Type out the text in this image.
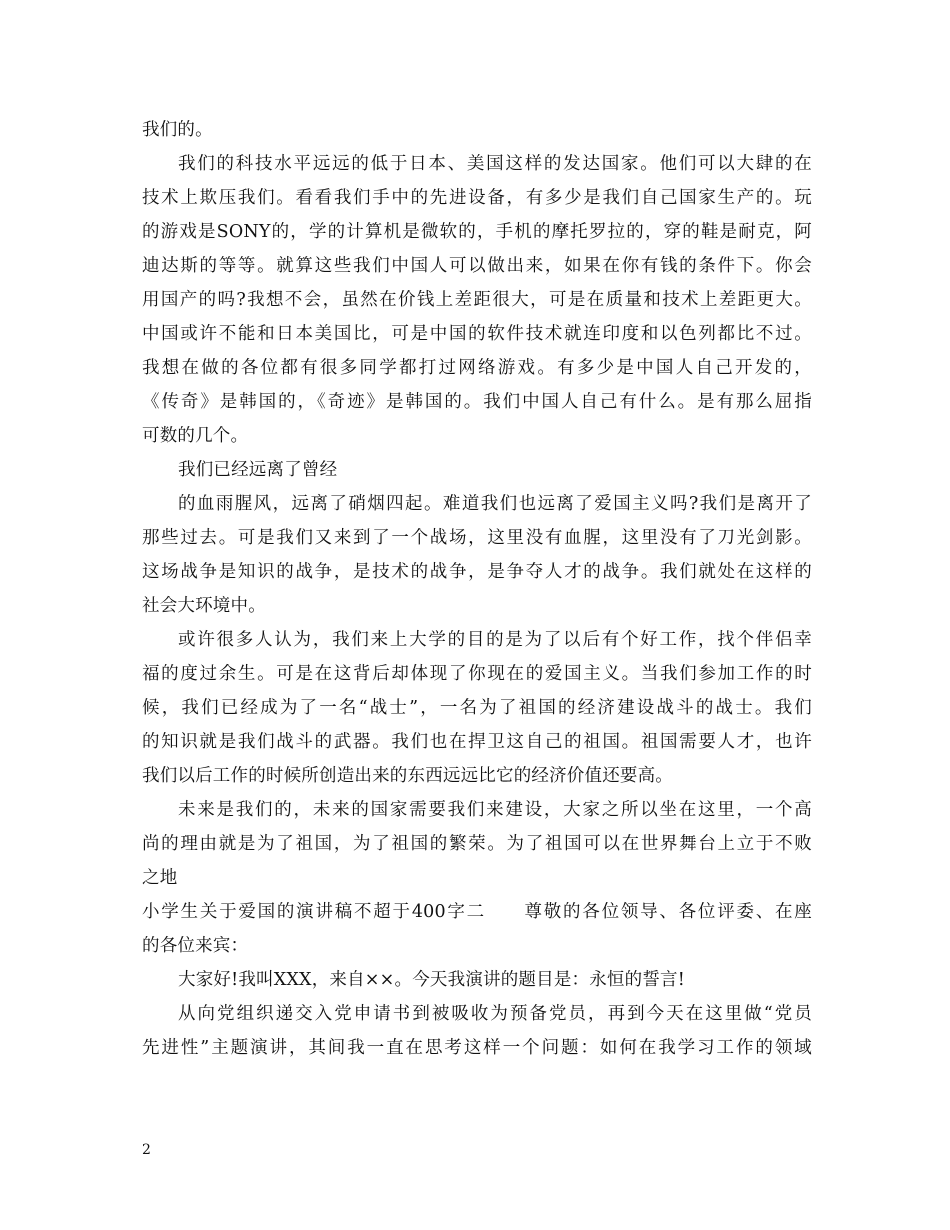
我们的。
我们的科技水平远远的低于日本、美国这样的发达国家。他们可以大肆的在
技术上欺压我们。看看我们手中的先进设备，有多少是我们自己国家生产的。玩
的游戏是SONY的，学的计算机是微软的，手机的摩托罗拉的，穿的鞋是耐克，阿
迪达斯的等等。就算这些我们中国人可以做出来，如果在你有钱的条件下。你会
用国产的吗?我想不会，虽然在价钱上差距很大，可是在质量和技术上差距更大。
中国或许不能和日本美国比，可是中国的软件技术就连印度和以色列都比不过。
我想在做的各位都有很多同学都打过网络游戏。有多少是中国人自己开发的，
《传奇》是韩国的，《奇迹》是韩国的。我们中国人自己有什么。是有那么屈指
可数的几个。
我们已经远离了曾经
的血雨腥风，远离了硝烟四起。难道我们也远离了爱国主义吗?我们是离开了
那些过去。可是我们又来到了一个战场，这里没有血腥，这里没有了刀光剑影。
这场战争是知识的战争，是技术的战争，是争夺人才的战争。我们就处在这样的
社会大环境中。
或许很多人认为，我们来上大学的目的是为了以后有个好工作，找个伴侣幸
福的度过余生。可是在这背后却体现了你现在的爱国主义。当我们参加工作的时
候，我们已经成为了一名“战士”，一名为了祖国的经济建设战斗的战士。我们
的知识就是我们战斗的武器。我们也在捍卫这自己的祖国。祖国需要人才，也许
我们以后工作的时候所创造出来的东西远远比它的经济价值还要高。
未来是我们的，未来的国家需要我们来建设，大家之所以坐在这里，一个高
尚的理由就是为了祖国，为了祖国的繁荣。为了祖国可以在世界舞台上立于不败
之地
小学生关于爱国的演讲稿不超于400字二　　尊敬的各位领导、各位评委、在座
的各位来宾：
大家好!我叫XXX，来自××。今天我演讲的题目是：永恒的誓言!
从向党组织递交入党申请书到被吸收为预备党员，再到今天在这里做“党员
先进性”主题演讲，其间我一直在思考这样一个问题：如何在我学习工作的领域
2
